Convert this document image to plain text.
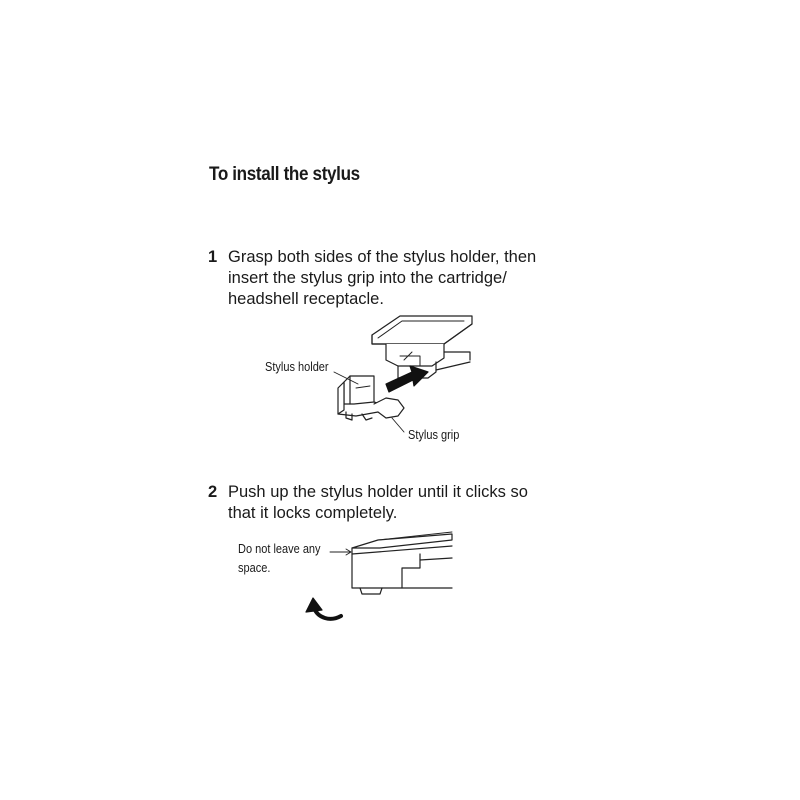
To install the stylus
1 Grasp both sides of the stylus holder, then
insert the stylus grip into the cartridge/
headshell receptacle.
Stylus holder
Stylus grip
2 Push up the stylus holder until it clicks so
that it locks completely.
Do not leave any
space.
